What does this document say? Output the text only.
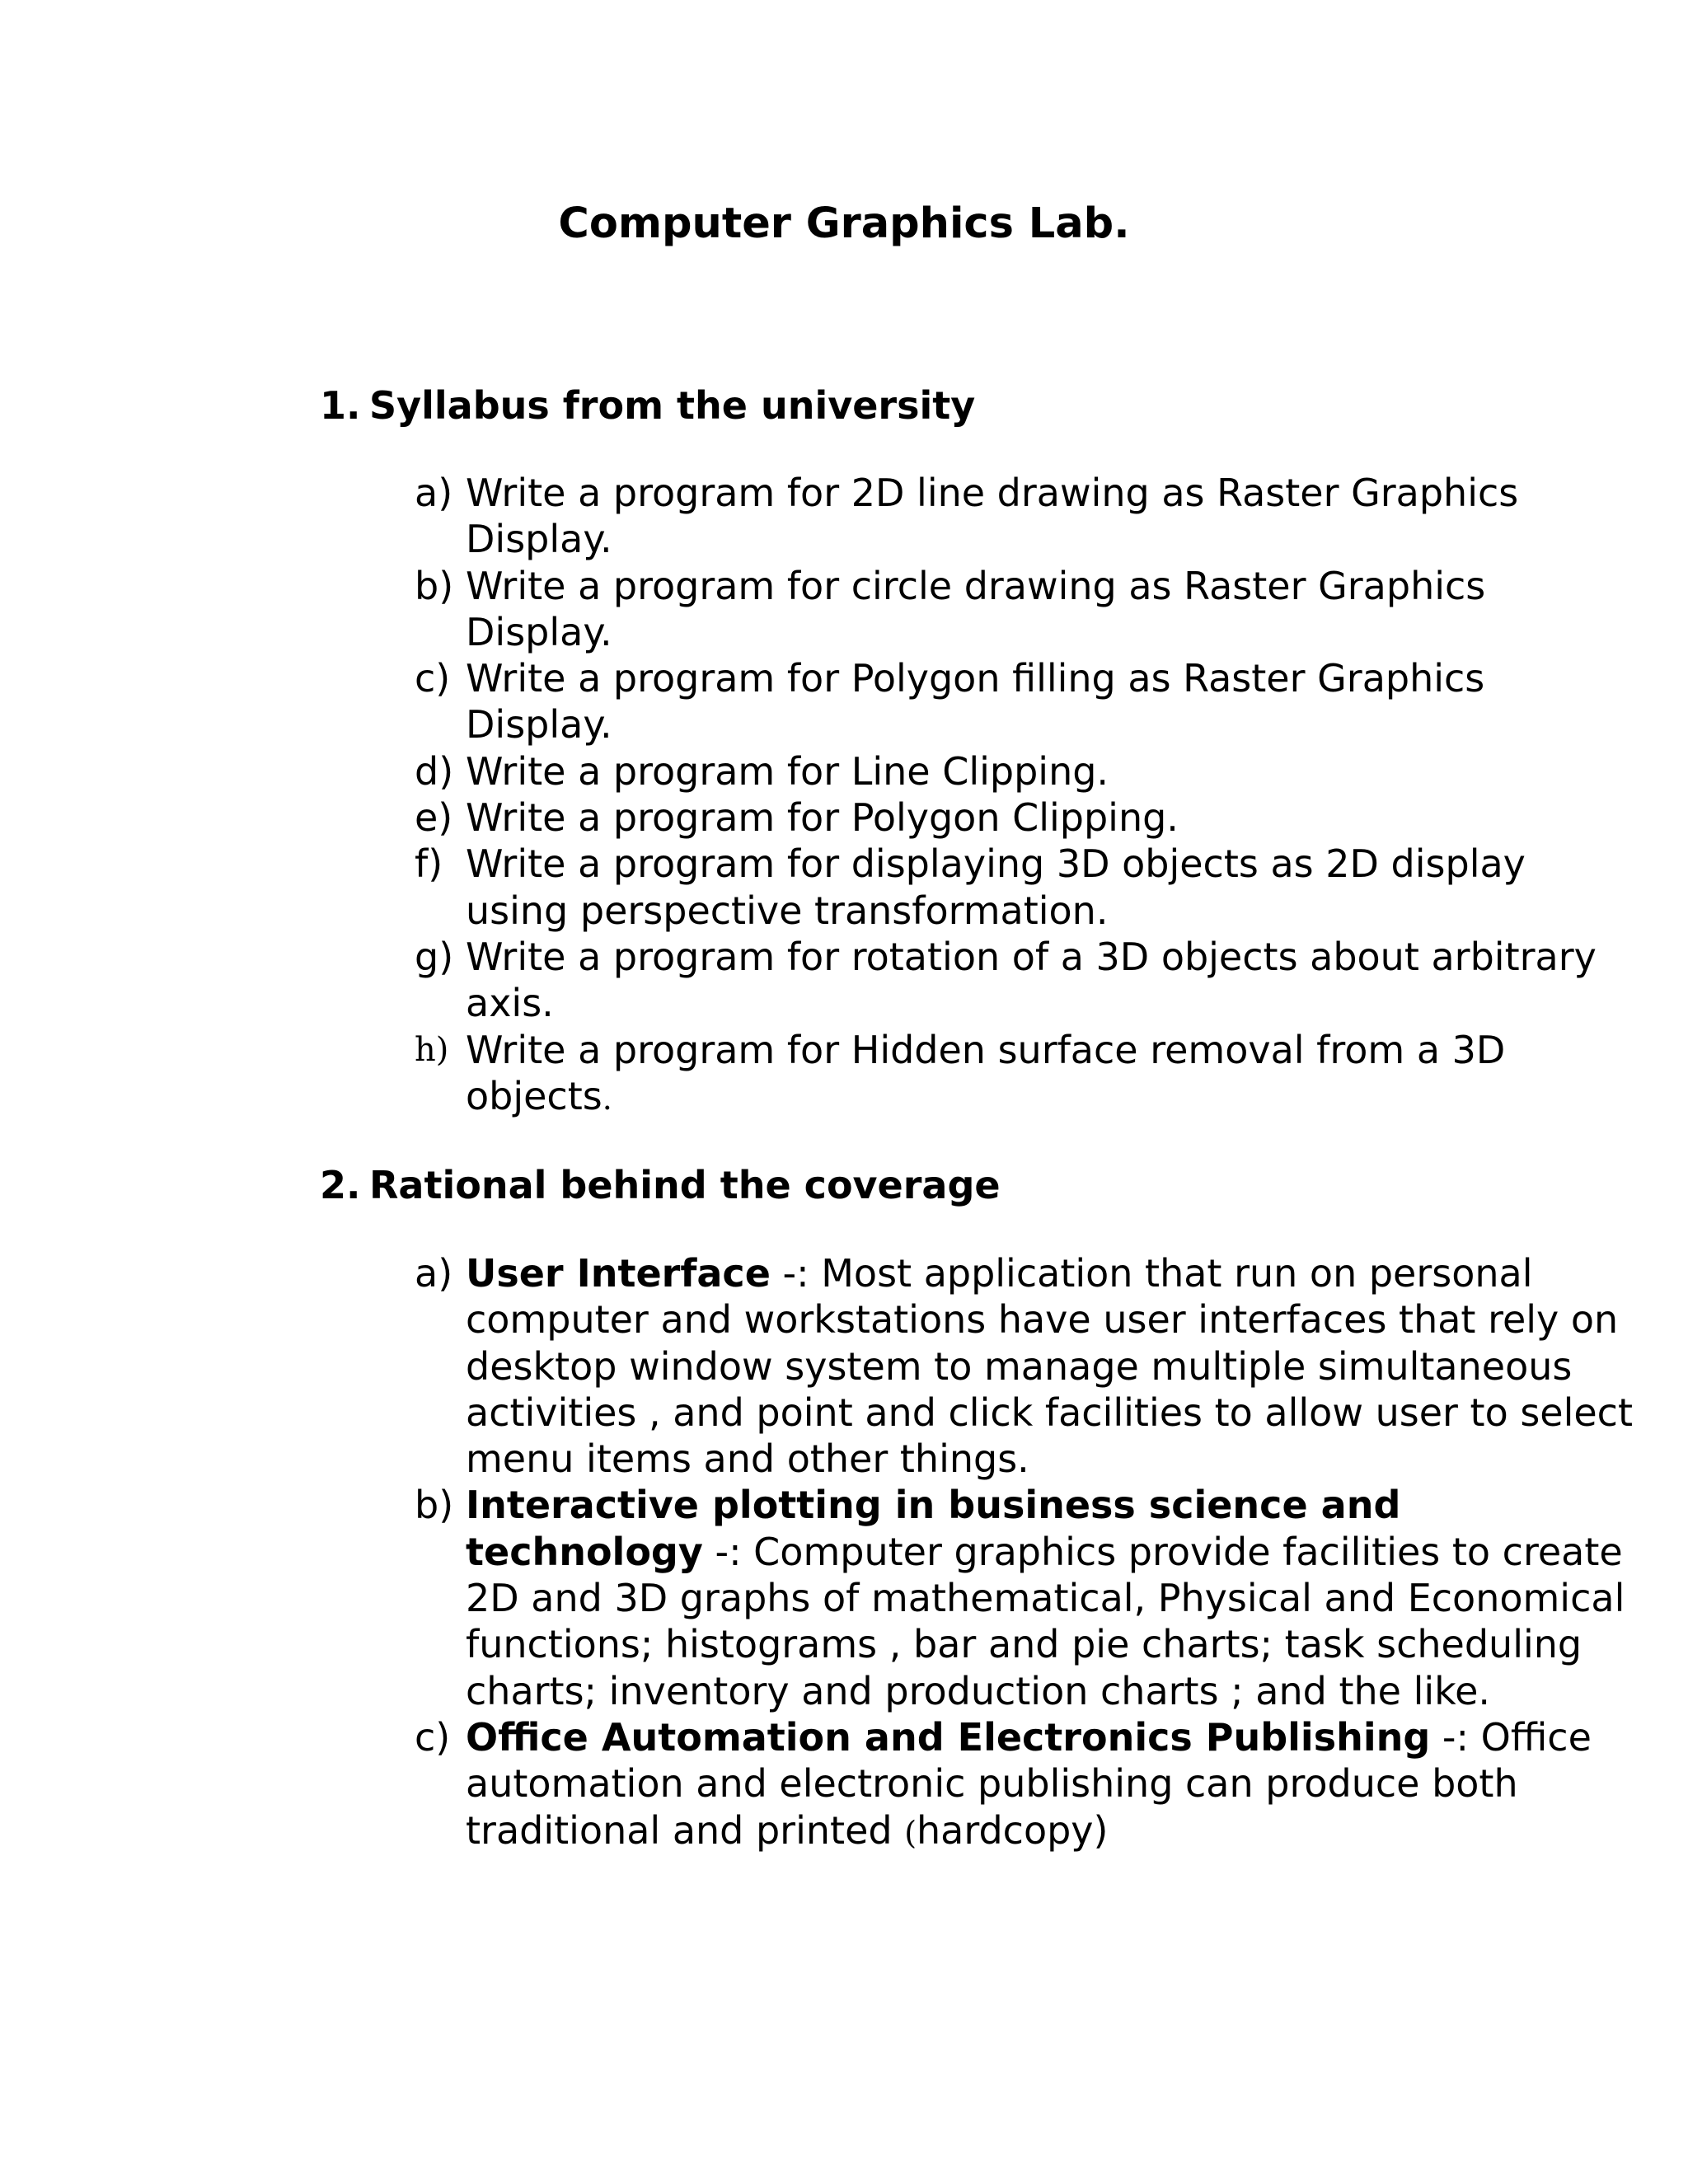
Computer Graphics Lab.
1. Syllabus from the university
a) Write a program for 2D line drawing as Raster Graphics Display.
b) Write a program for circle drawing as Raster Graphics Display.
c) Write a program for Polygon filling as Raster Graphics Display.
d) Write a program for Line Clipping.
e) Write a program for Polygon Clipping.
f) Write a program for displaying 3D objects as 2D display using perspective transformation.
g) Write a program for rotation of a 3D objects about arbitrary axis.
h) Write a program for Hidden surface removal from a 3D objects.
2. Rational behind the coverage
a) User Interface -: Most application that run on personal computer and workstations have user interfaces that rely on desktop window system to manage multiple simultaneous activities , and point and click facilities to allow user to select menu items and other things.
b) Interactive plotting in business science and technology -: Computer graphics provide facilities to create 2D and 3D graphs of mathematical, Physical and Economical functions; histograms , bar and pie charts; task scheduling charts; inventory and production charts ; and the like.
c) Office Automation and Electronics Publishing -: Office automation and electronic publishing can produce both traditional and printed (hardcopy)
